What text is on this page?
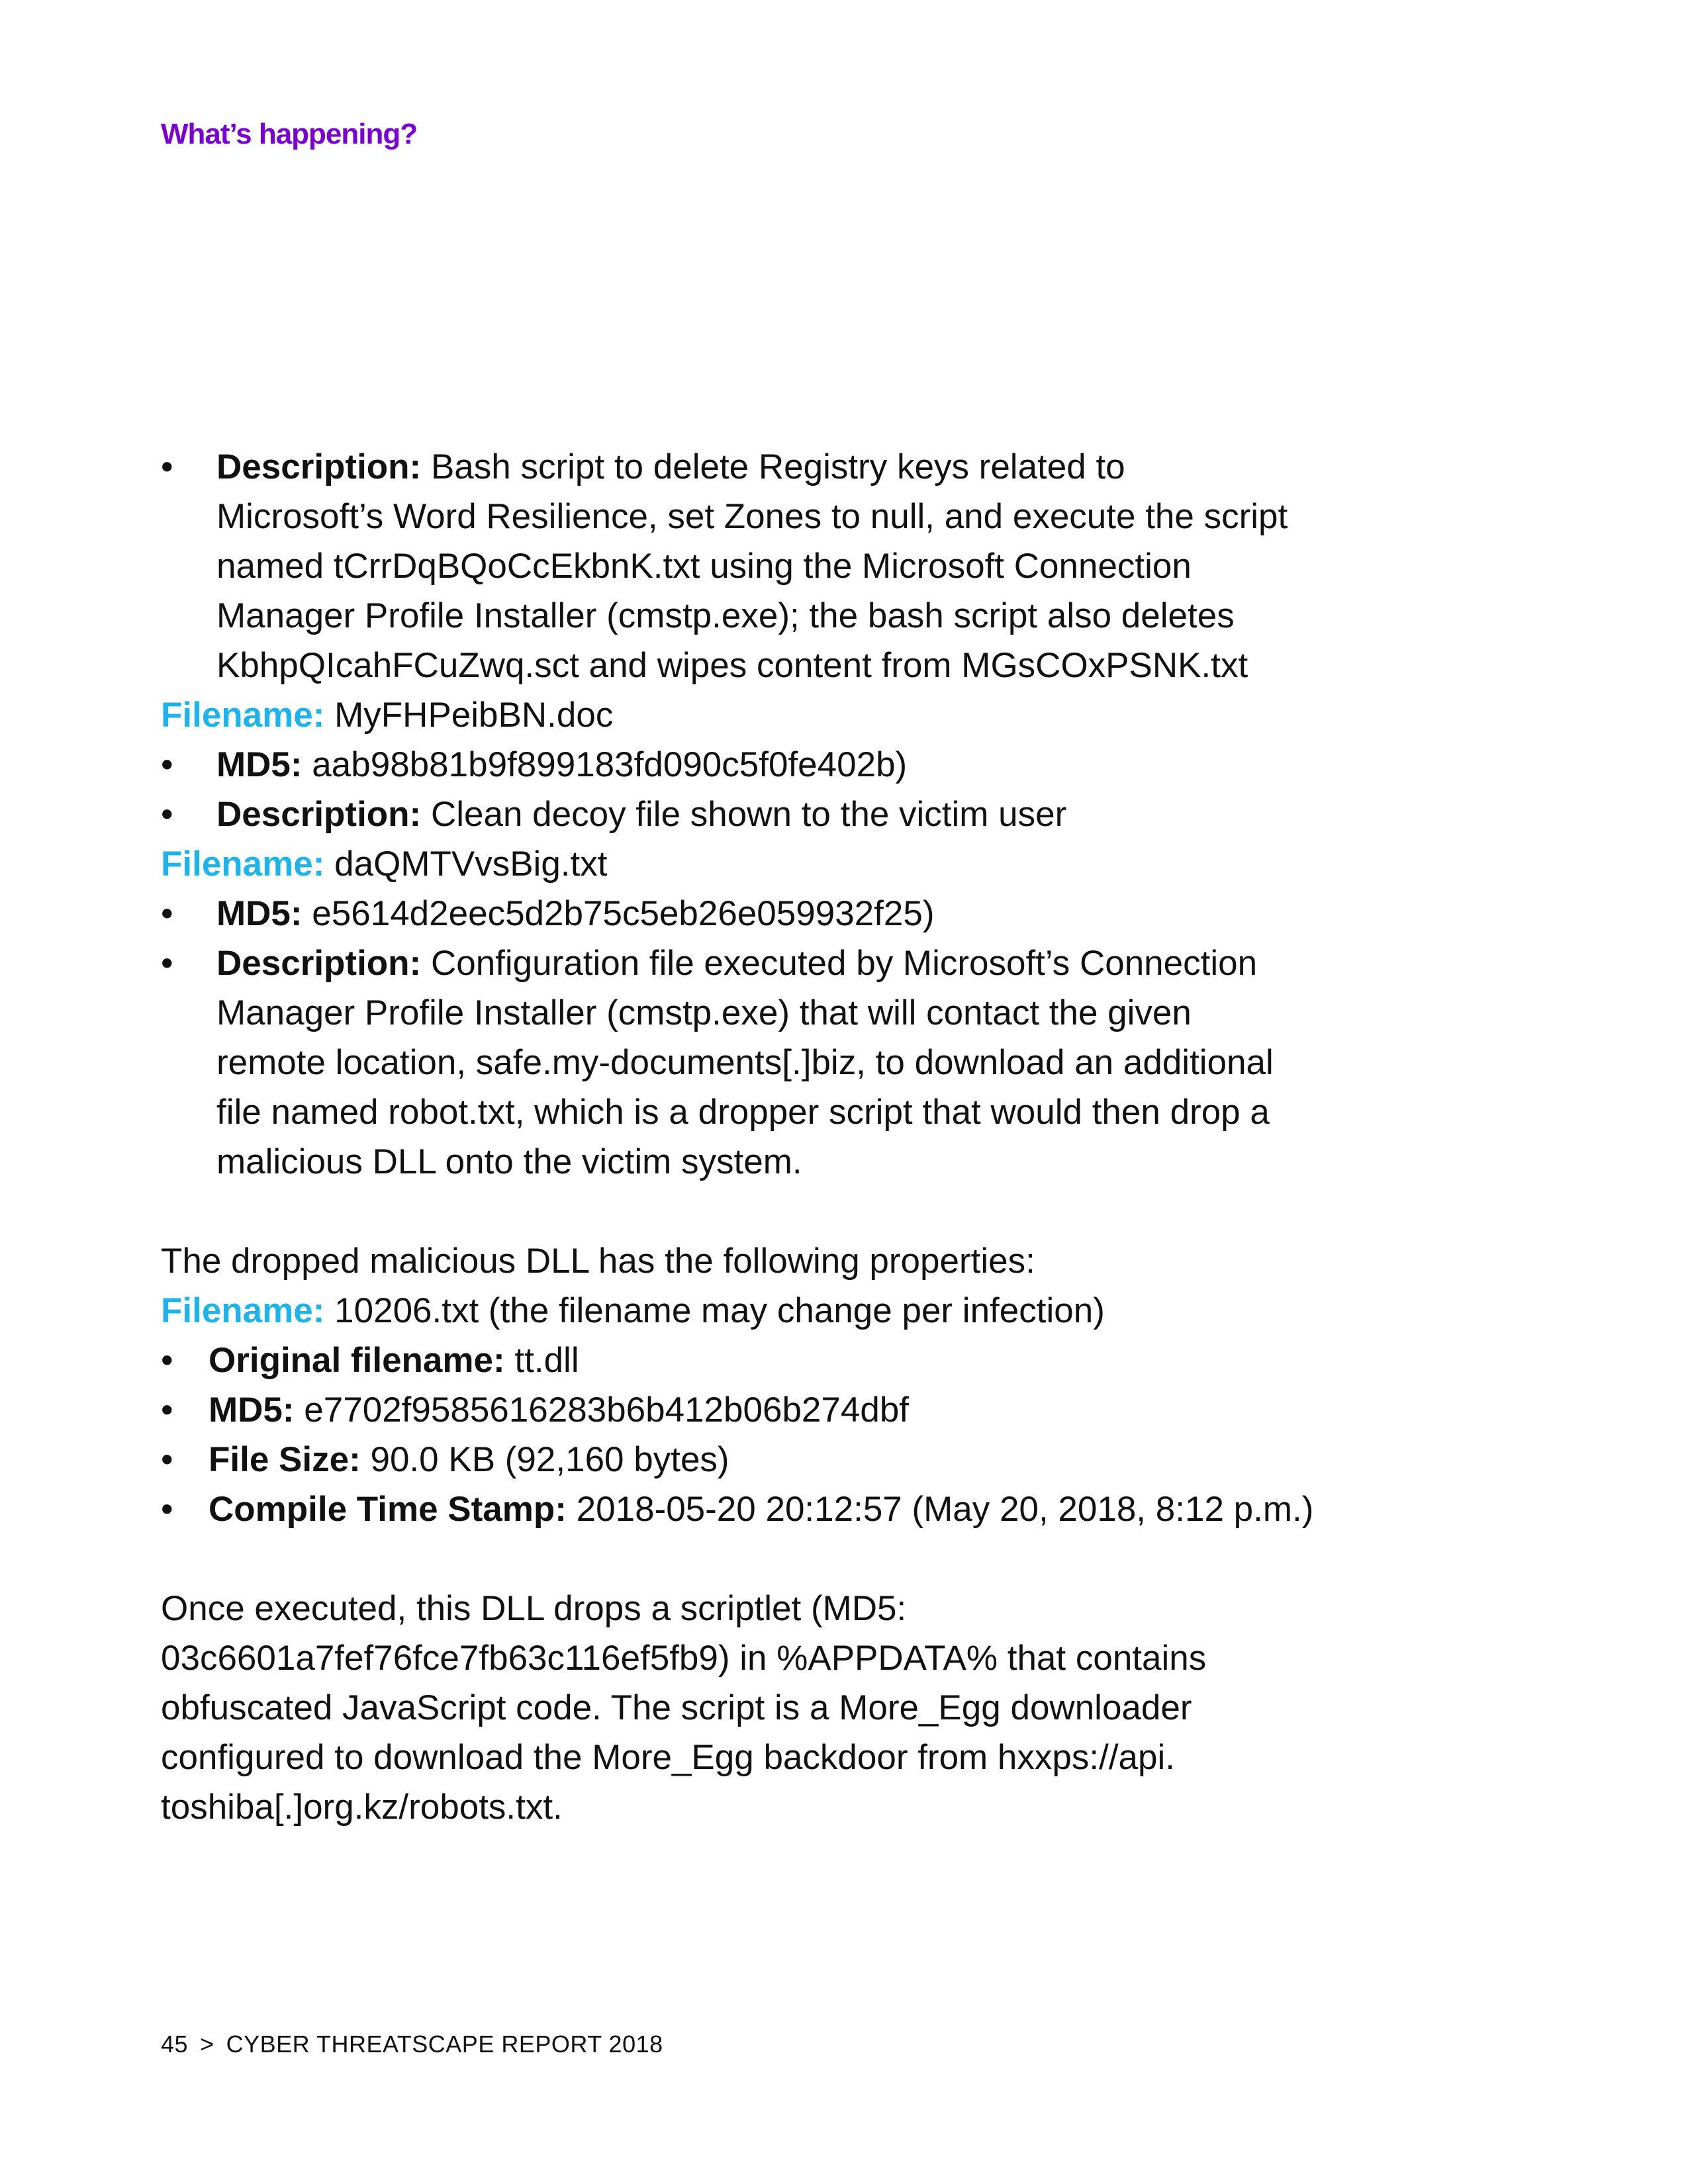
What’s happening?
•	Description: Bash script to delete Registry keys related to
Microsoft’s Word Resilience, set Zones to null, and execute the script
named tCrrDqBQoCcEkbnK.txt using the Microsoft Connection
Manager Profile Installer (cmstp.exe); the bash script also deletes
KbhpQIcahFCuZwq.sct and wipes content from MGsCOxPSNK.txt
Filename: MyFHPeibBN.doc
•	MD5: aab98b81b9f899183fd090c5f0fe402b)
•	Description: Clean decoy file shown to the victim user
Filename: daQMTVvsBig.txt
•	MD5: e5614d2eec5d2b75c5eb26e059932f25)
•	Description: Configuration file executed by Microsoft’s Connection
Manager Profile Installer (cmstp.exe) that will contact the given
remote location, safe.my-documents[.]biz, to download an additional
file named robot.txt, which is a dropper script that would then drop a
malicious DLL onto the victim system.
The dropped malicious DLL has the following properties:
Filename: 10206.txt (the filename may change per infection)
•	Original filename: tt.dll
•	MD5: e7702f9585616283b6b412b06b274dbf
•	File Size: 90.0 KB (92,160 bytes)
•	Compile Time Stamp: 2018-05-20 20:12:57 (May 20, 2018, 8:12 p.m.)
Once executed, this DLL drops a scriptlet (MD5:
03c6601a7fef76fce7fb63c116ef5fb9) in %APPDATA% that contains
obfuscated JavaScript code. The script is a More_Egg downloader
configured to download the More_Egg backdoor from hxxps://api.
toshiba[.]org.kz/robots.txt.
45 > CYBER THREATSCAPE REPORT 2018
